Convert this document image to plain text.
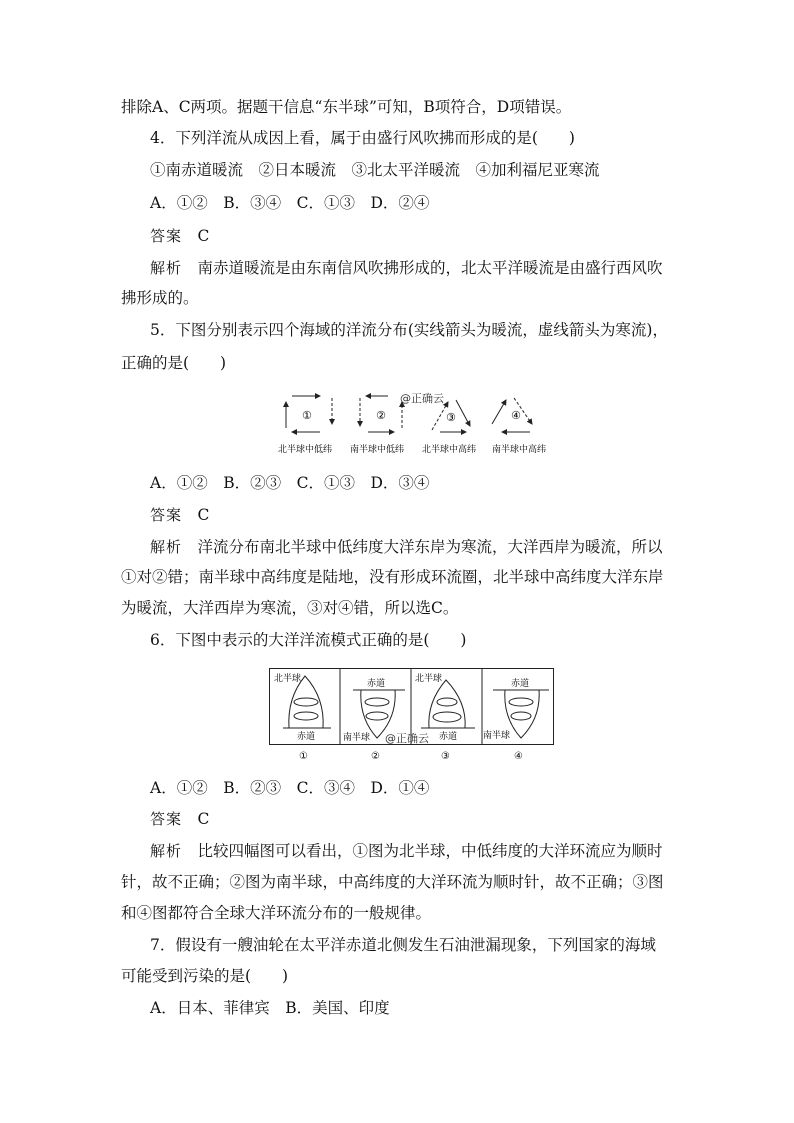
排除A、C两项。据题干信息“东半球”可知，B项符合，D项错误。
4．下列洋流从成因上看，属于由盛行风吹拂而形成的是(　　)
①南赤道暖流　②日本暖流　③北太平洋暖流　④加利福尼亚寒流
A．①②　B．③④　C．①③　D．②④
答案　 C
解析　 南赤道暖流是由东南信风吹拂形成的，北太平洋暖流是由盛行西风吹
拂形成的。
5．下图分别表示四个海域的洋流分布(实线箭头为暖流，虚线箭头为寒流)，
正确的是(　　)
①	②
@正确云
③	④
北半球中低纬 南半球中低纬 北半球中高纬 南半球中高纬
A．①②　B．②③　C．①③　D．③④
答案　 C
解析　 洋流分布南北半球中低纬度大洋东岸为寒流，大洋西岸为暖流，所以
①对②错；南半球中高纬度是陆地，没有形成环流圈，北半球中高纬度大洋东岸
为暖流，大洋西岸为寒流，③对④错，所以选C。
6．下图中表示的大洋洋流模式正确的是(　　)
北半球
赤道
赤道
南半球
北半球
赤道
赤道
南半球
@正确云
①	②	③	④
A．①②　B．②③　C．③④　D．①④
答案　 C
解析　 比较四幅图可以看出，①图为北半球，中低纬度的大洋环流应为顺时
针，故不正确；②图为南半球，中高纬度的大洋环流为顺时针，故不正确；③图
和④图都符合全球大洋环流分布的一般规律。
7．假设有一艘油轮在太平洋赤道北侧发生石油泄漏现象，下列国家的海域
可能受到污染的是(　　)
A．日本、菲律宾　B．美国、印度
